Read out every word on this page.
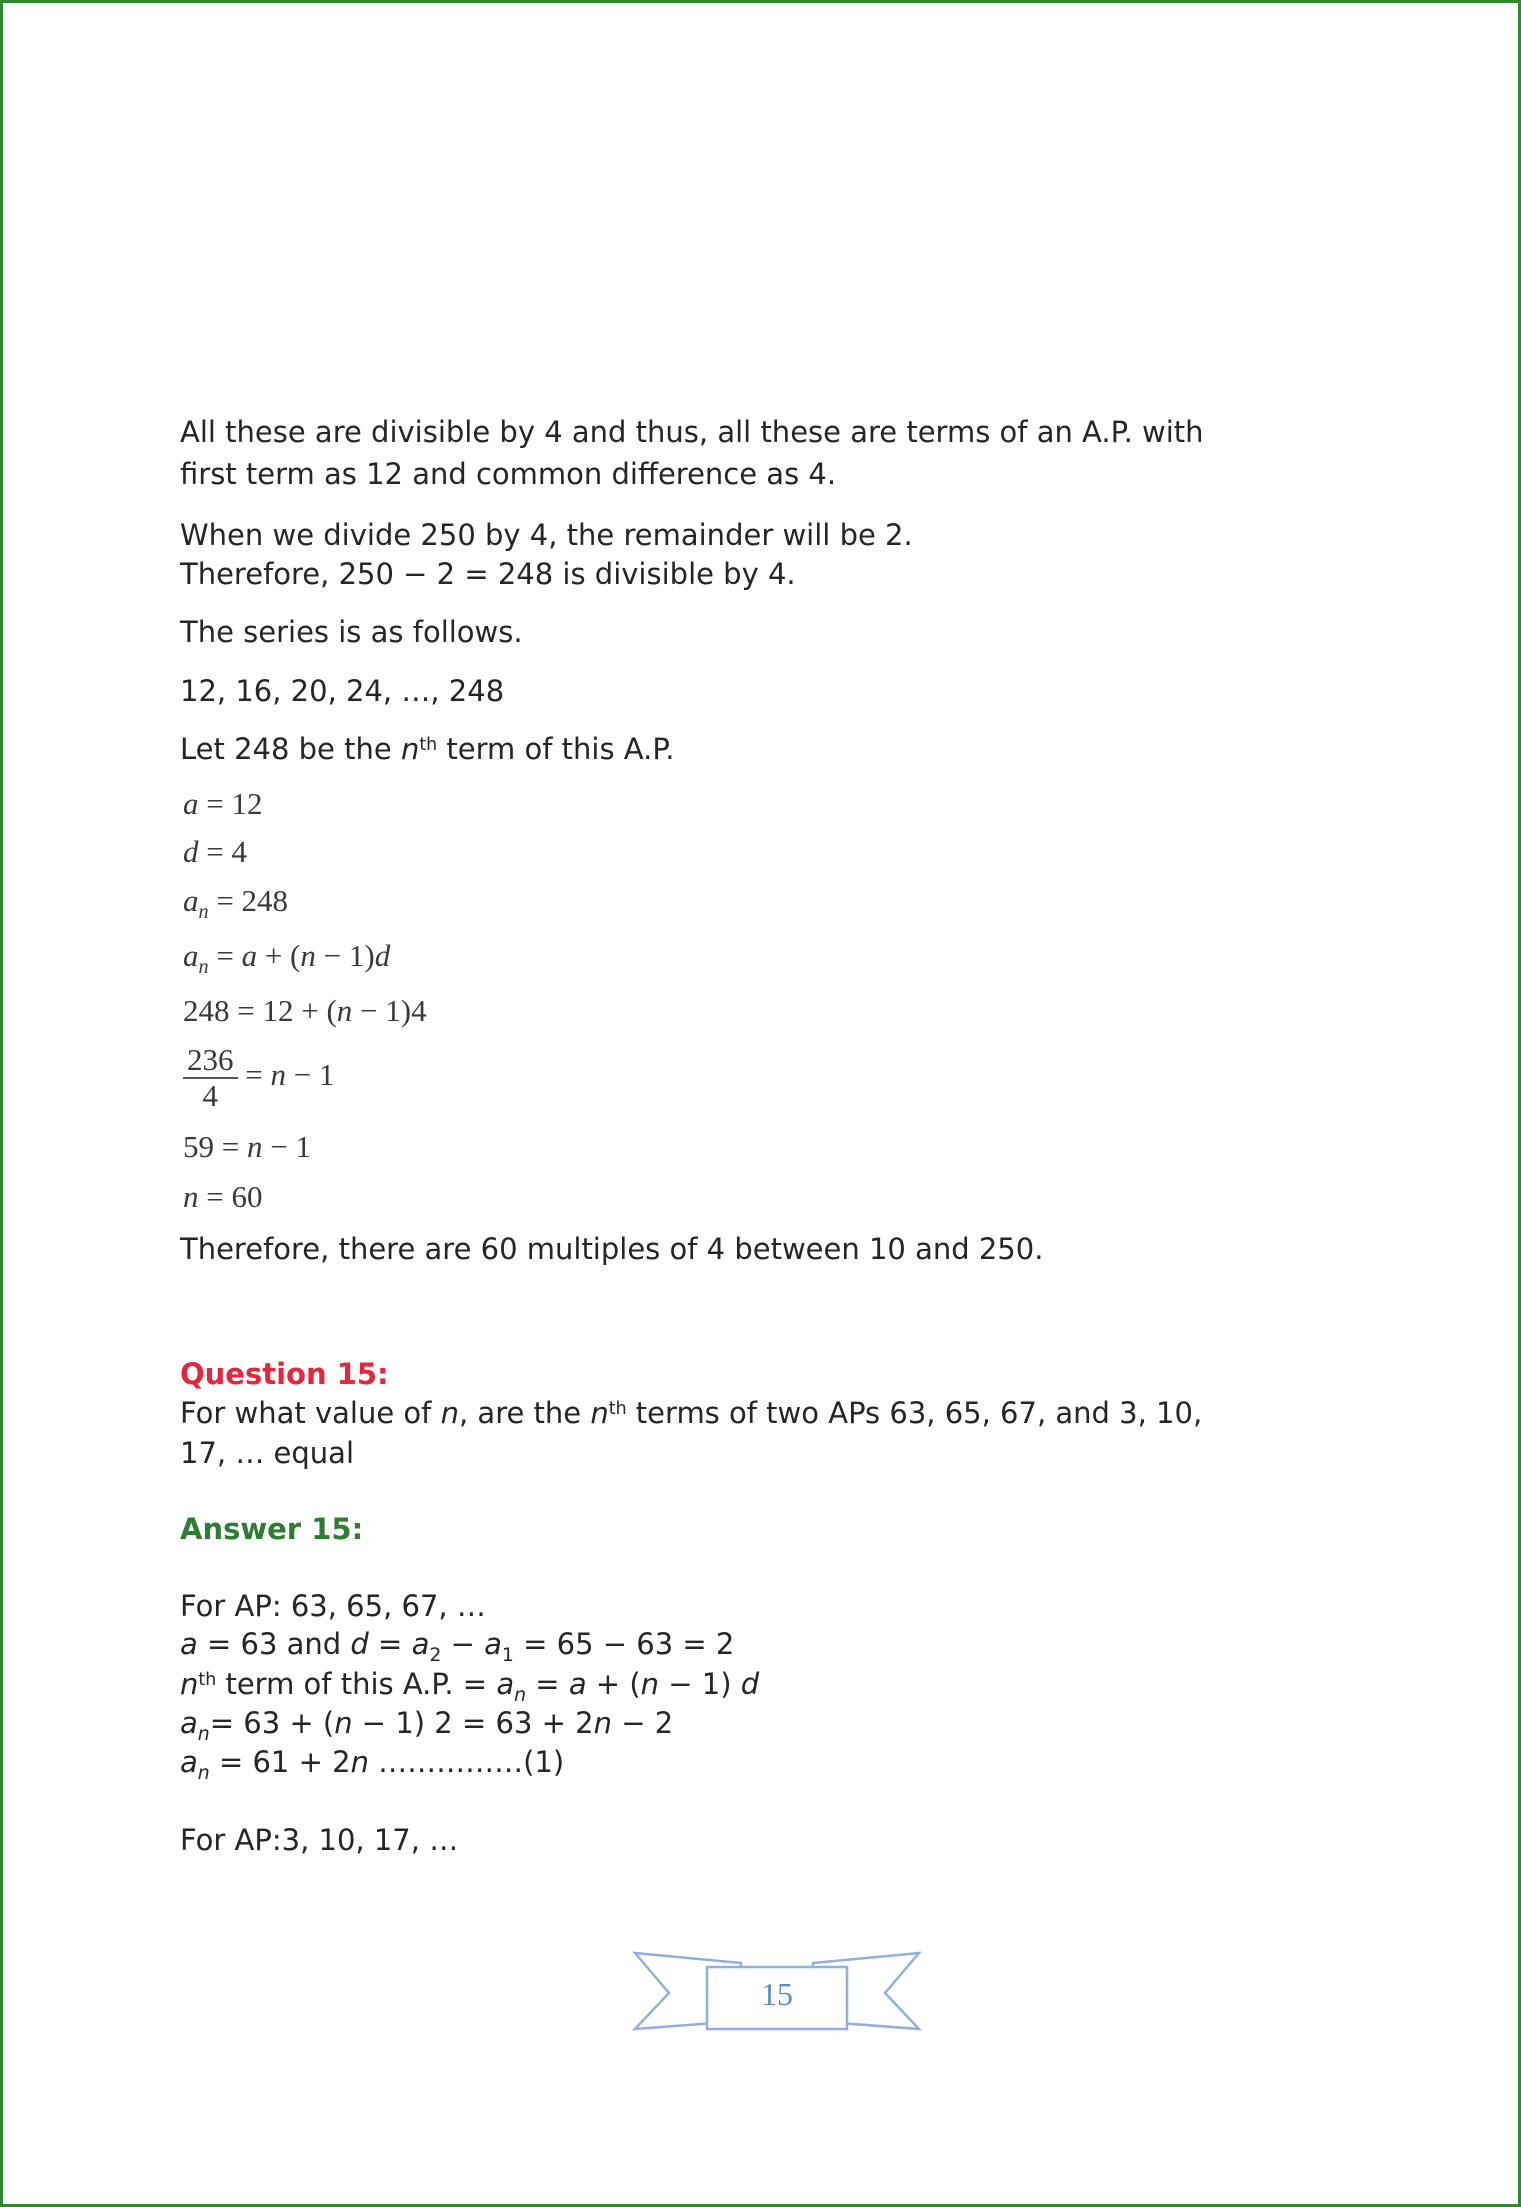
All these are divisible by 4 and thus, all these are terms of an A.P. with
first term as 12 and common difference as 4.
When we divide 250 by 4, the remainder will be 2.
Therefore, 250 − 2 = 248 is divisible by 4.
The series is as follows.
12, 16, 20, 24, …, 248
Let 248 be the $n^{th}$ term of this A.P.
a = 12
d = 4
$a_n = 248$
$a_n = a + (n - 1)d$
248 = 12 + (n − 1)4
$\frac{236}{4} = n - 1$
59 = n − 1
n = 60
Therefore, there are 60 multiples of 4 between 10 and 250.
Question 15:
For what value of n, are the $n^{th}$ terms of two APs 63, 65, 67, and 3, 10,
17, … equal
Answer 15:
For AP: 63, 65, 67, …
a = 63 and $d = a_2 - a_1 = 65 - 63 = 2$
$n^{th}$ term of this A.P. = $a_n = a + (n - 1)$ d
$a_n= 63 + (n - 1) 2 = 63 + 2n - 2$
$a_n = 61 + 2n$ ……………(1)
For AP:3, 10, 17, …
15
